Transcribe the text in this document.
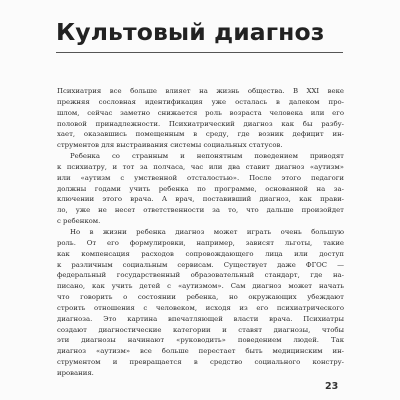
Культовый диагноз
Психиатрия все больше влияет на жизнь общества. В XXI веке
прежняя сословная идентификация уже осталась в далеком про-
шлом, сейчас заметно снижается роль возраста человека или его
половой принадлежности. Психиатрический диагноз как бы разбу-
хает, оказавшись помещенным в среду, где возник дефицит ин-
струментов для выстраивания системы социальных статусов.
Ребенка со странным и непонятным поведением приводят
к психиатру, и тот за полчаса, час или два ставит диагноз «аутизм»
или «аутизм с умственной отсталостью». После этого педагоги
должны годами учить ребенка по программе, основанной на за-
ключении этого врача. А врач, поставивший диагноз, как прави-
ло, уже не несет ответственности за то, что дальше произойдет
с ребенком.
Но в жизни ребенка диагноз может играть очень большую
роль. От его формулировки, например, зависят льготы, такие
как компенсация расходов сопровождающего лица или доступ
к различным социальным сервисам. Существует даже ФГОС —
федеральный государственный образовательный стандарт, где на-
писано, как учить детей с «аутизмом». Сам диагноз может начать
что говорить о состоянии ребенка, но окружающих убеждают
строить отношения с человеком, исходя из его психиатрического
диагноза. Это картина впечатляющей власти врача. Психиатры
создают диагностические категории и ставят диагнозы, чтобы
эти диагнозы начинают «руководить» поведением людей. Так
диагноз «аутизм» все больше перестает быть медицинским ин-
струментом и превращается в средство социального констру-
ирования.
23
